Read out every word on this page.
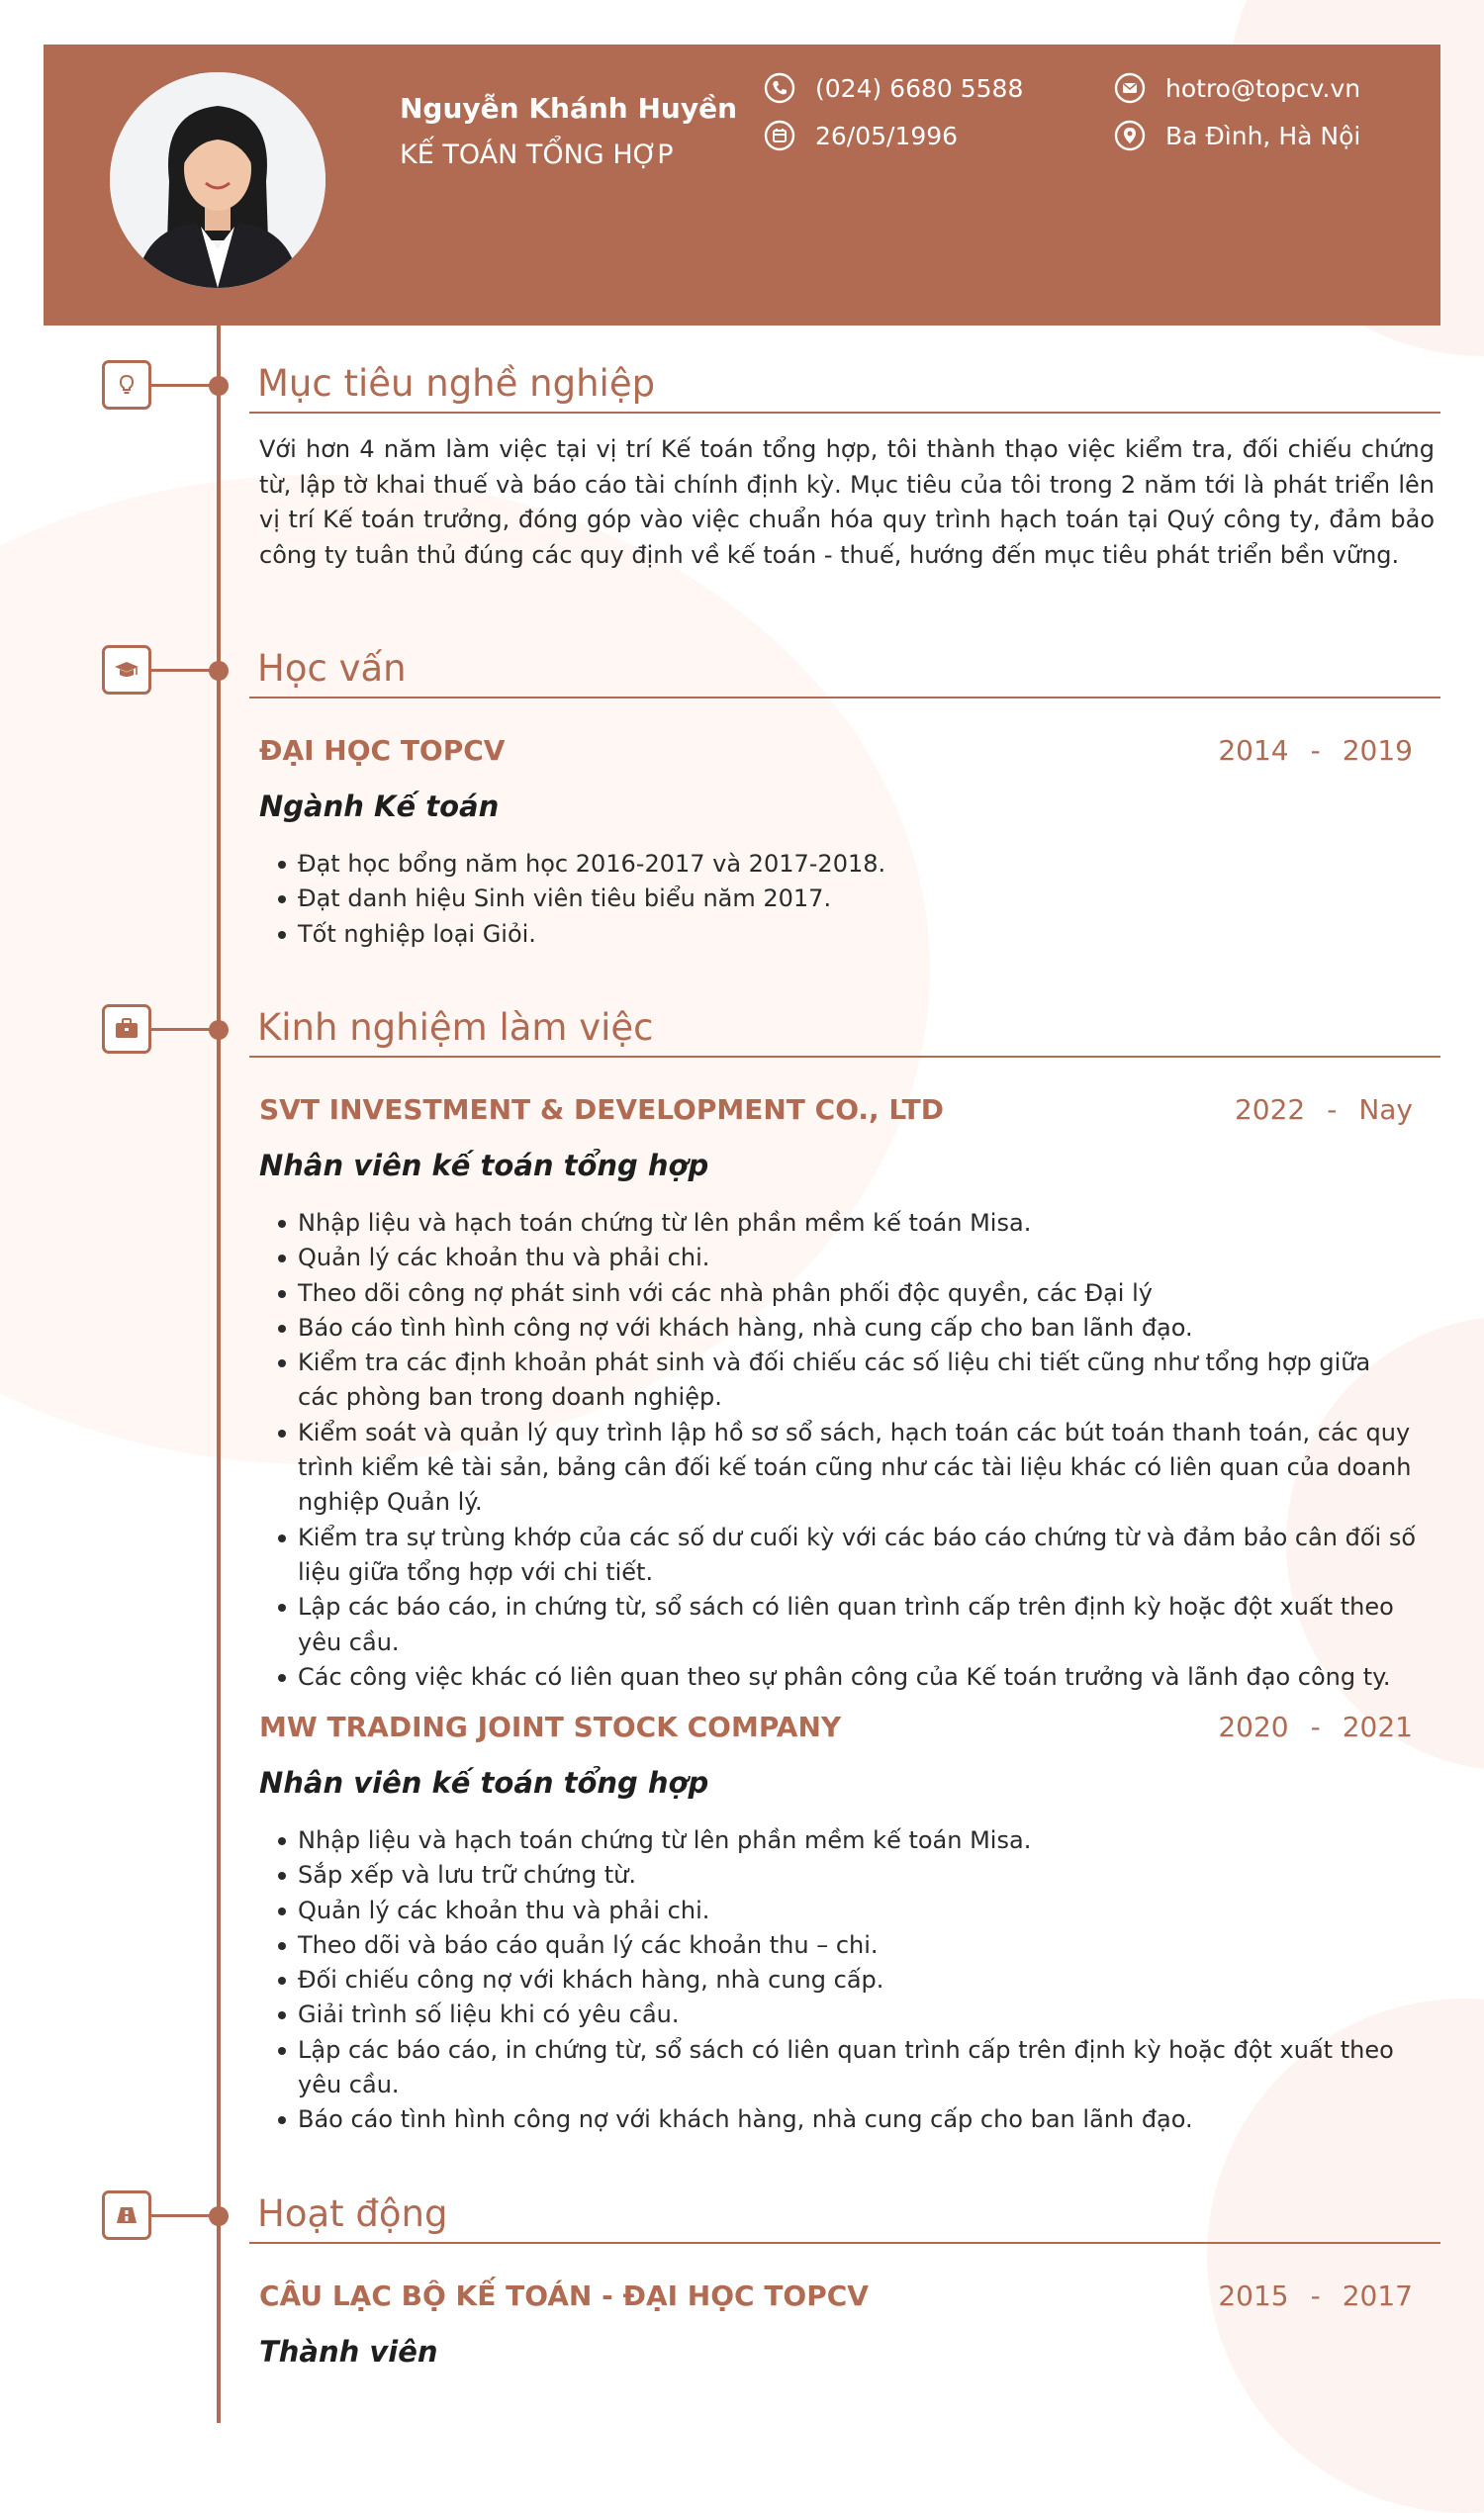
Nguyễn Khánh Huyền
KẾ TOÁN TỔNG HỢP
(024) 6680 5588
26/05/1996
hotro@topcv.vn
Ba Đình, Hà Nội
Mục tiêu nghề nghiệp

Với hơn 4 năm làm việc tại vị trí Kế toán tổng hợp, tôi thành thạo việc kiểm tra, đối chiếu chứng từ, lập tờ khai thuế và báo cáo tài chính định kỳ. Mục tiêu của tôi trong 2 năm tới là phát triển lên vị trí Kế toán trưởng, đóng góp vào việc chuẩn hóa quy trình hạch toán tại Quý công ty, đảm bảo công ty tuân thủ đúng các quy định về kế toán - thuế, hướng đến mục tiêu phát triển bền vững.

Học vấn
ĐẠI HỌC TOPCV	2014 - 2019
Ngành Kế toán
Đạt học bổng năm học 2016-2017 và 2017-2018.
Đạt danh hiệu Sinh viên tiêu biểu năm 2017.
Tốt nghiệp loại Giỏi.
Kinh nghiệm làm việc
SVT INVESTMENT & DEVELOPMENT CO., LTD	2022 - Nay
Nhân viên kế toán tổng hợp
Nhập liệu và hạch toán chứng từ lên phần mềm kế toán Misa.
Quản lý các khoản thu và phải chi.
Theo dõi công nợ phát sinh với các nhà phân phối độc quyền, các Đại lý
Báo cáo tình hình công nợ với khách hàng, nhà cung cấp cho ban lãnh đạo.
Kiểm tra các định khoản phát sinh và đối chiếu các số liệu chi tiết cũng như tổng hợp giữa các phòng ban trong doanh nghiệp.
Kiểm soát và quản lý quy trình lập hồ sơ sổ sách, hạch toán các bút toán thanh toán, các quy trình kiểm kê tài sản, bảng cân đối kế toán cũng như các tài liệu khác có liên quan của doanh nghiệp Quản lý.
Kiểm tra sự trùng khớp của các số dư cuối kỳ với các báo cáo chứng từ và đảm bảo cân đối số liệu giữa tổng hợp với chi tiết.
Lập các báo cáo, in chứng từ, sổ sách có liên quan trình cấp trên định kỳ hoặc đột xuất theo yêu cầu.
Các công việc khác có liên quan theo sự phân công của Kế toán trưởng và lãnh đạo công ty.
MW TRADING JOINT STOCK COMPANY	2020 - 2021
Nhân viên kế toán tổng hợp
Nhập liệu và hạch toán chứng từ lên phần mềm kế toán Misa.
Sắp xếp và lưu trữ chứng từ.
Quản lý các khoản thu và phải chi.
Theo dõi và báo cáo quản lý các khoản thu – chi.
Đối chiếu công nợ với khách hàng, nhà cung cấp.
Giải trình số liệu khi có yêu cầu.
Lập các báo cáo, in chứng từ, sổ sách có liên quan trình cấp trên định kỳ hoặc đột xuất theo yêu cầu.
Báo cáo tình hình công nợ với khách hàng, nhà cung cấp cho ban lãnh đạo.
Hoạt động
CÂU LẠC BỘ KẾ TOÁN - ĐẠI HỌC TOPCV	2015 - 2017
Thành viên
